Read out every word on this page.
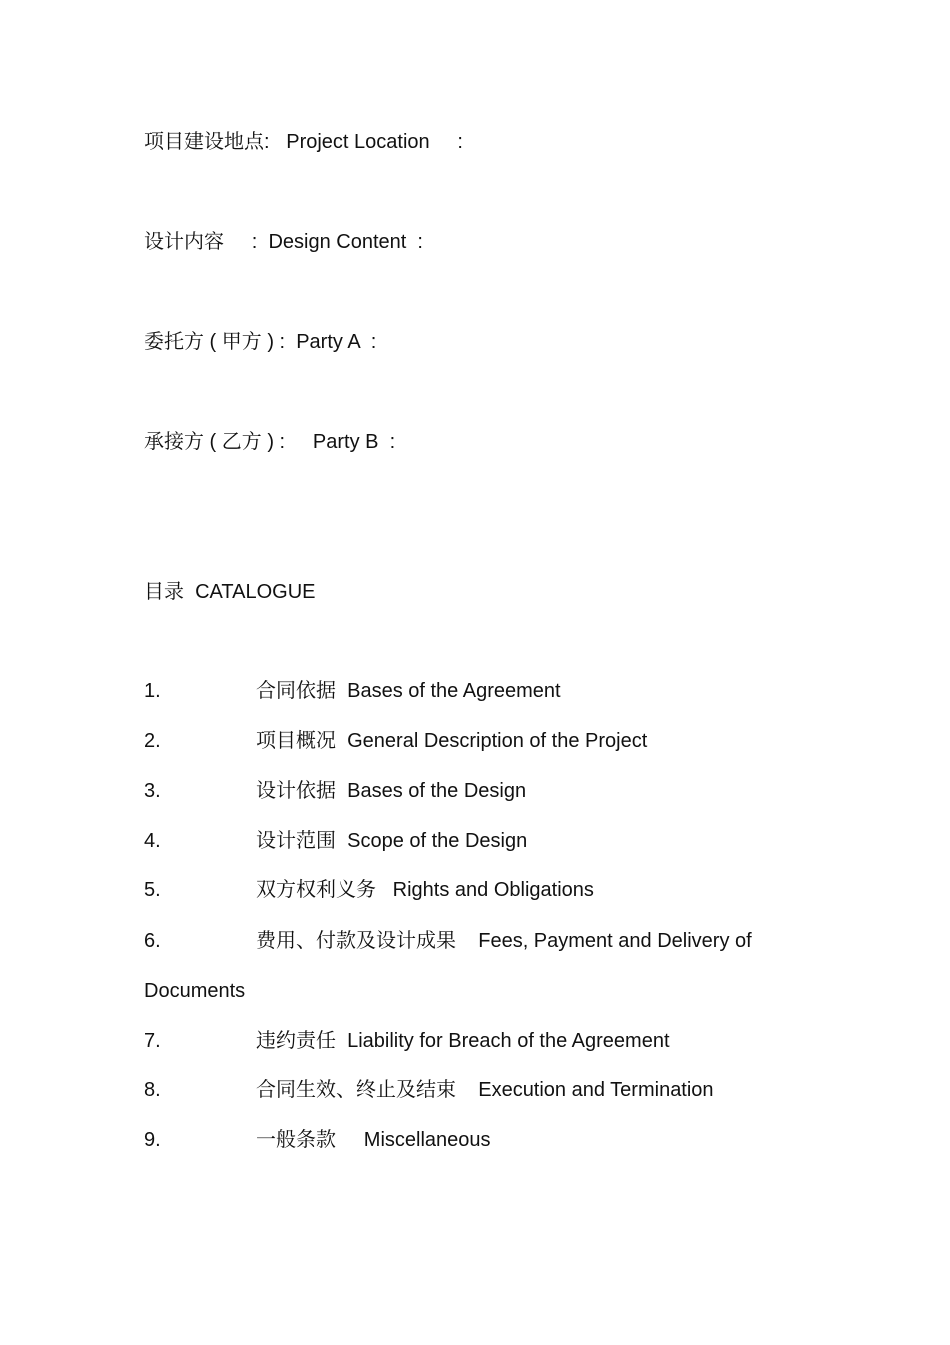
项目建设地点:   Project Location     :
设计内容     :  Design Content  :
委托方 ( 甲方 ) :  Party A  :
承接方 ( 乙方 ) :     Party B  :
目录  CATALOGUE
1.	合同依据  Bases of the Agreement
2.	项目概况  General Description of the Project
3.	设计依据  Bases of the Design
4.	设计范围  Scope of the Design
5.	双方权利义务   Rights and Obligations
6.	费用、付款及设计成果    Fees, Payment and Delivery of
Documents
7.	违约责任  Liability for Breach of the Agreement
8.	合同生效、终止及结束    Execution and Termination
9.	一般条款     Miscellaneous
